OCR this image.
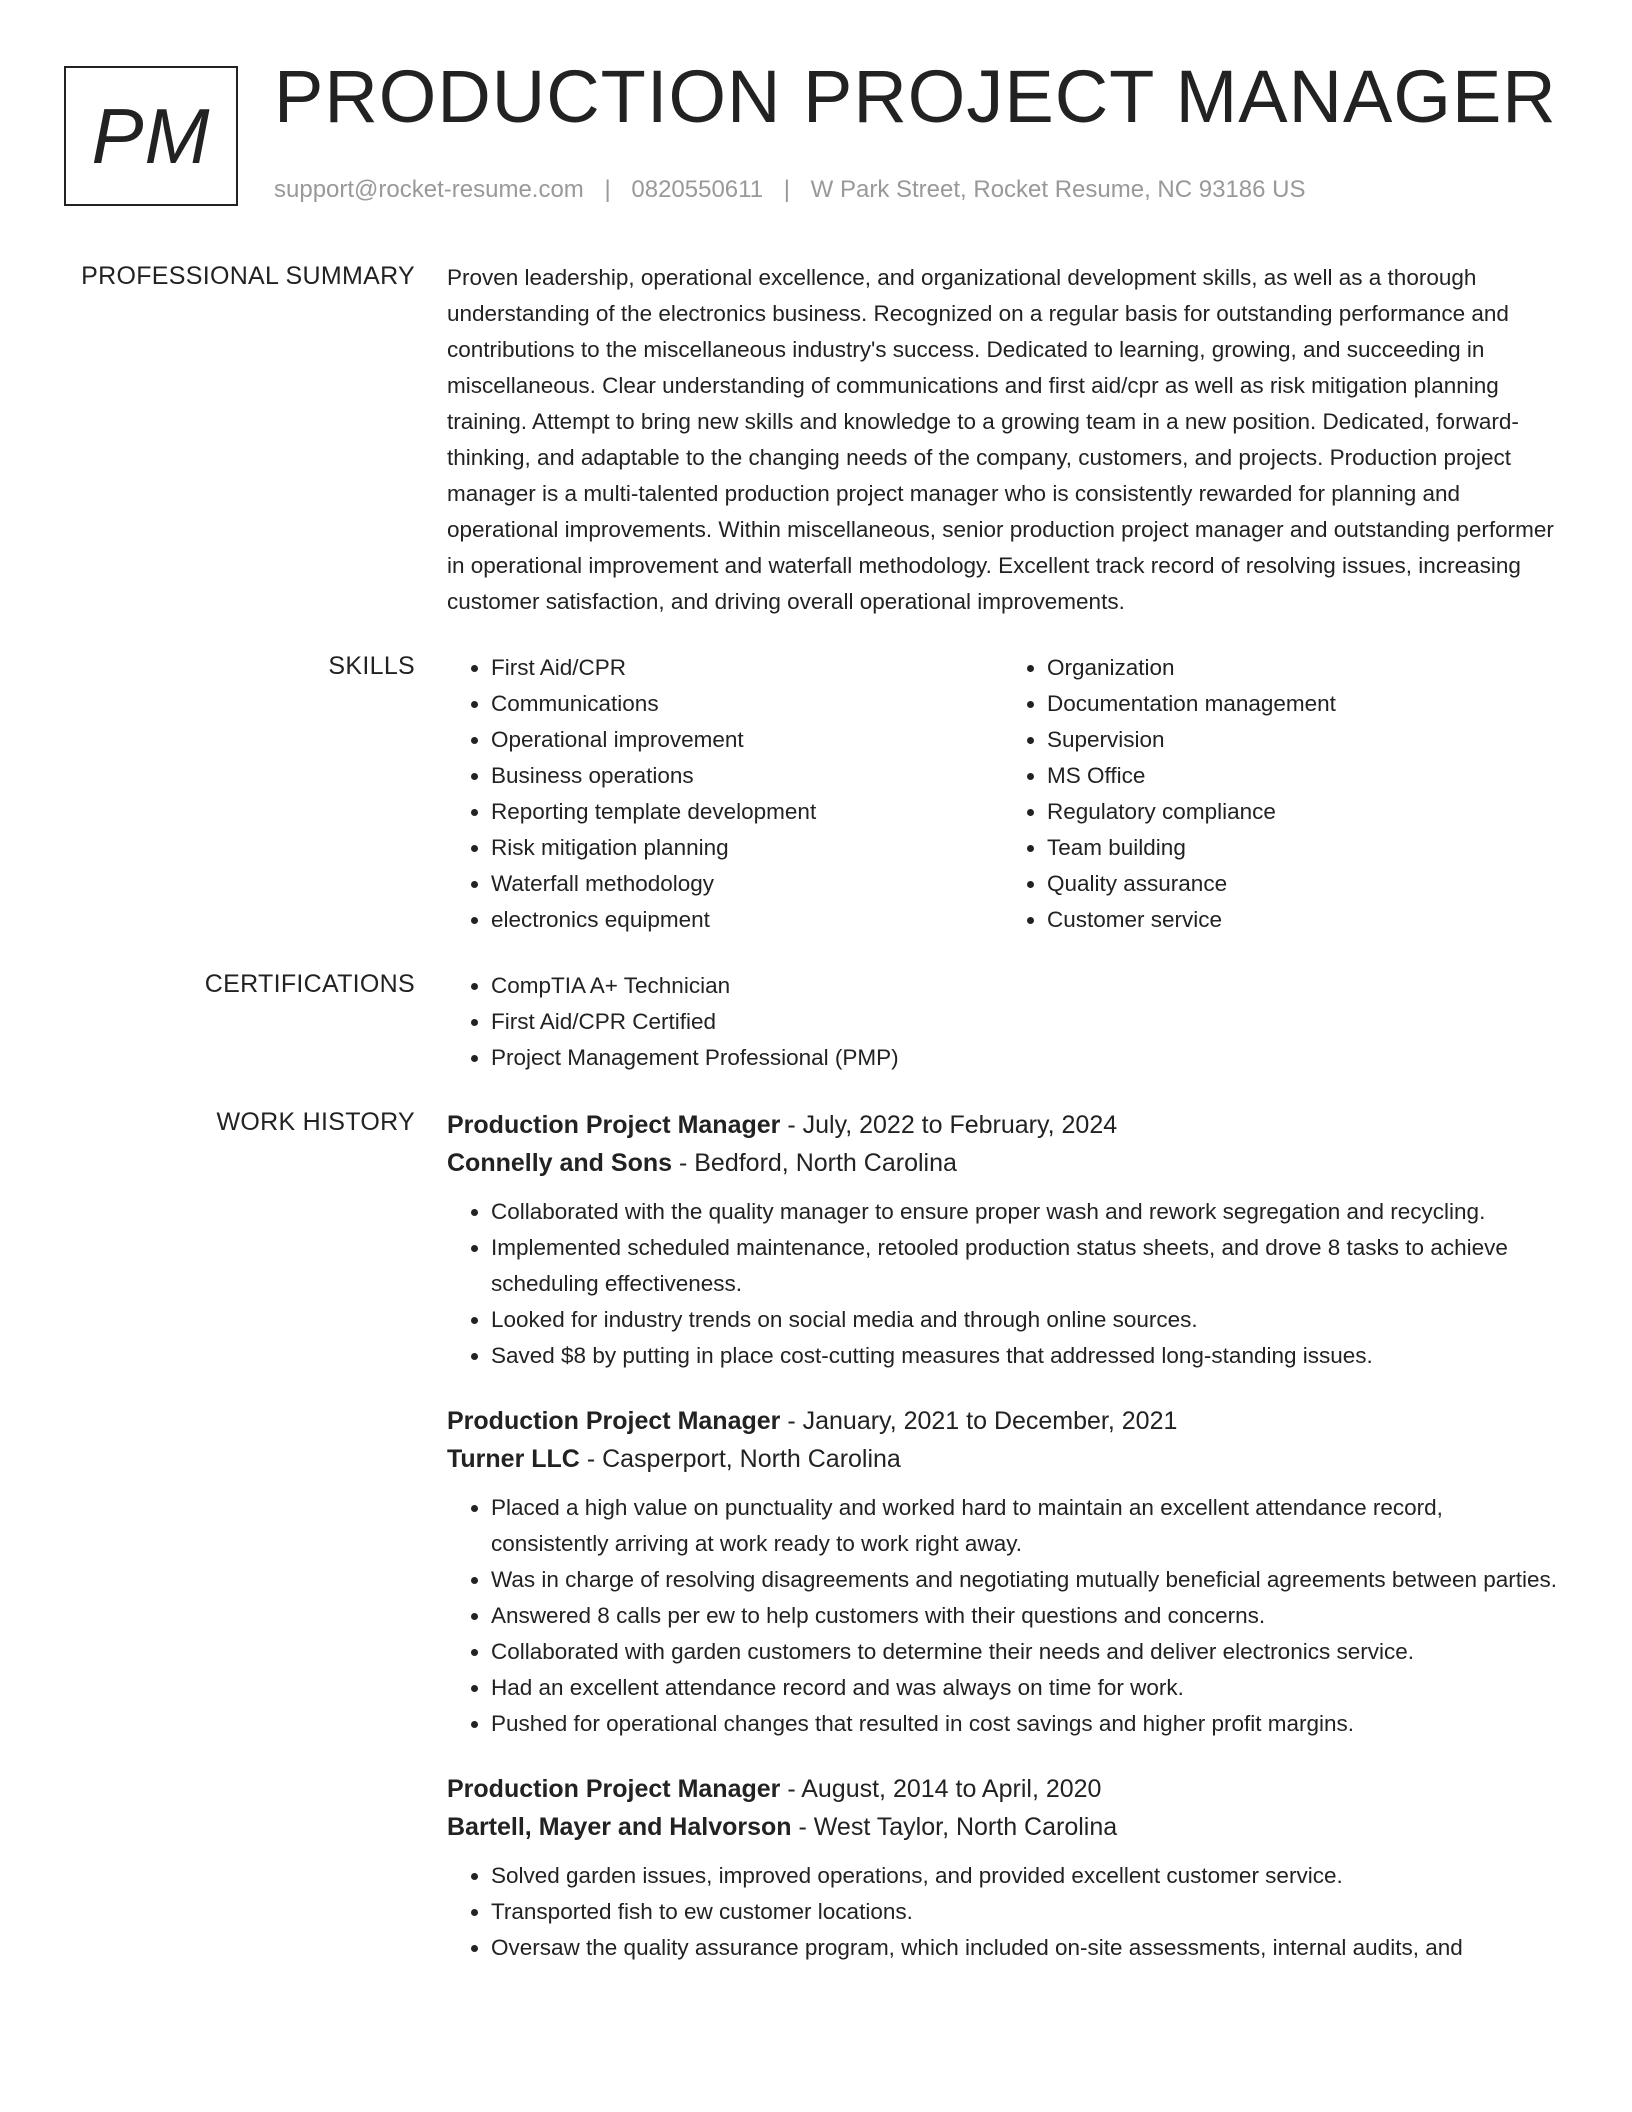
PM PRODUCTION PROJECT MANAGER
support@rocket-resume.com | 0820550611 | W Park Street, Rocket Resume, NC 93186 US
PROFESSIONAL SUMMARY Proven leadership, operational excellence, and organizational development skills, as well as a thorough understanding of the electronics business. Recognized on a regular basis for outstanding performance and contributions to the miscellaneous industry's success. Dedicated to learning, growing, and succeeding in miscellaneous. Clear understanding of communications and first aid/cpr as well as risk mitigation planning training. Attempt to bring new skills and knowledge to a growing team in a new position. Dedicated, forward-thinking, and adaptable to the changing needs of the company, customers, and projects. Production project manager is a multi-talented production project manager who is consistently rewarded for planning and operational improvements. Within miscellaneous, senior production project manager and outstanding performer in operational improvement and waterfall methodology. Excellent track record of resolving issues, increasing customer satisfaction, and driving overall operational improvements.

SKILLS	• First Aid/CPR
• Communications
• Operational improvement
• Business operations
• Reporting template development
• Risk mitigation planning
• Waterfall methodology
• electronics equipment
• Organization
• Documentation management
• Supervision
• MS Office
• Regulatory compliance
• Team building
• Quality assurance
• Customer service
CERTIFICATIONS	• CompTIA A+ Technician
• First Aid/CPR Certified
• Project Management Professional (PMP)
WORK HISTORY Production Project Manager - July, 2022 to February, 2024
Connelly and Sons - Bedford, North Carolina
• Collaborated with the quality manager to ensure proper wash and rework segregation and recycling.
• Implemented scheduled maintenance, retooled production status sheets, and drove 8 tasks to achieve scheduling effectiveness.
• Looked for industry trends on social media and through online sources.
• Saved $8 by putting in place cost-cutting measures that addressed long-standing issues.
Production Project Manager - January, 2021 to December, 2021
Turner LLC - Casperport, North Carolina
• Placed a high value on punctuality and worked hard to maintain an excellent attendance record, consistently arriving at work ready to work right away.
• Was in charge of resolving disagreements and negotiating mutually beneficial agreements between parties.
• Answered 8 calls per ew to help customers with their questions and concerns.
• Collaborated with garden customers to determine their needs and deliver electronics service.
• Had an excellent attendance record and was always on time for work.
• Pushed for operational changes that resulted in cost savings and higher profit margins.
Production Project Manager - August, 2014 to April, 2020
Bartell, Mayer and Halvorson - West Taylor, North Carolina
• Solved garden issues, improved operations, and provided excellent customer service.
• Transported fish to ew customer locations.
• Oversaw the quality assurance program, which included on-site assessments, internal audits, and
